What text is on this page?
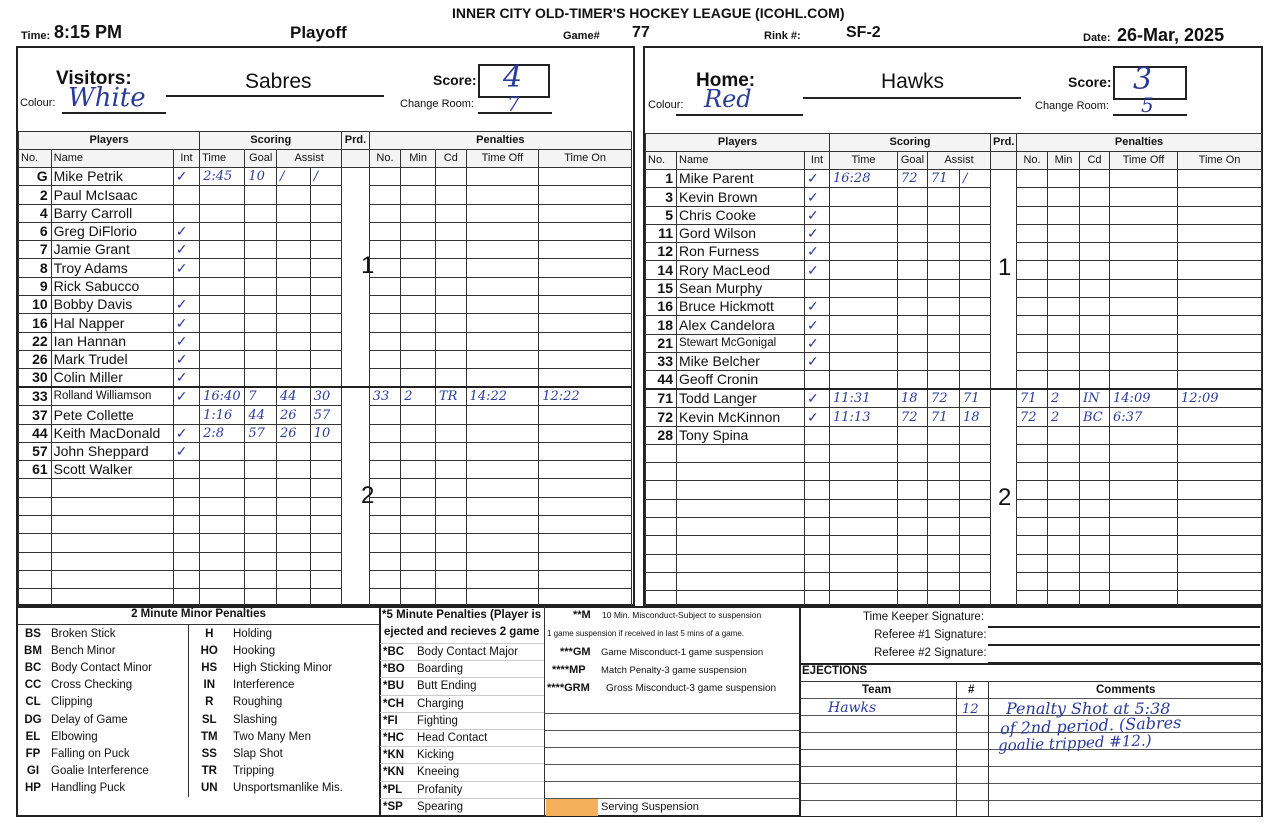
INNER CITY OLD-TIMER'S HOCKEY LEAGUE (ICOHL.COM)
Time: 8:15 PM	Playoff	Game# 77	Rink #:	SF-2	Date: 26-Mar, 2025
Visitors:	Sabres
Colour: White
Score: 4
Change Room: 7
Players			Scoring				Prd.	Penalties				
No.	Name	Int	Time	Goal	Assist			No.	Min	Cd	Time Off	Time On
G	Mike Petrik	✓	2:45	10	/	/						
2	Paul McIsaac											
4	Barry Carroll											
6	Greg DiFlorio	✓										
7	Jamie Grant	✓										
8	Troy Adams	✓										
9	Rick Sabucco											
10	Bobby Davis	✓										
16	Hal Napper	✓										
22	Ian Hannan	✓										
26	Mark Trudel	✓										
30	Colin Miller	✓										
33	Rolland Williamson	✓	16:40	7	44	30		33	2	TR	14:22	12:22
37	Pete Collette		1:16	44	26	57						
44	Keith MacDonald	✓	2:8	57	26	10						
57	John Sheppard	✓										
61	Scott Walker											

1
2
Home:	Hawks
Colour: Red
Score: 3
Change Room: 5
Players			Scoring				Prd.	Penalties				
No.	Name	Int	Time	Goal	Assist			No.	Min	Cd	Time Off	Time On
1	Mike Parent	✓	16:28	72	71	/						
3	Kevin Brown	✓										
5	Chris Cooke	✓										
11	Gord Wilson	✓										
12	Ron Furness	✓										
14	Rory MacLeod	✓										
15	Sean Murphy											
16	Bruce Hickmott	✓										
18	Alex Candelora	✓										
21	Stewart McGonigal	✓										
33	Mike Belcher	✓										
44	Geoff Cronin											
71	Todd Langer	✓	11:31	18	72	71		71	2	IN	14:09	12:09
72	Kevin McKinnon	✓	11:13	72	71	18		72	2	BC	6:37	
28	Tony Spina											

1
2
2 Minute Minor Penalties
BS	Broken Stick	H	Holding
BM	Bench Minor	HO	Hooking
BC	Body Contact Minor	HS	High Sticking Minor
CC	Cross Checking	IN	Interference
CL	Clipping	R	Roughing
DG	Delay of Game	SL	Slashing
EL	Elbowing	TM	Two Many Men
FP	Falling on Puck	SS	Slap Shot
GI	Goalie Interference	TR	Tripping
HP	Handling Puck	UN	Unsportsmanlike Mis.
*5 Minute Penalties (Player is
ejected and recieves 2 game
*BC	Body Contact Major
*BO	Boarding
*BU	Butt Ending
*CH	Charging
*FI	Fighting
*HC	Head Contact
*KN	Kicking
*KN	Kneeing
*PL	Profanity
*SP	Spearing
**M 10 Min. Misconduct-Subject to suspension
1 game suspension if received in last 5 mins of a game.
***GM Game Misconduct-1 game suspension
****MP Match Penalty-3 game suspension
****GRM Gross Misconduct-3 game suspension
Serving Suspension
Time Keeper Signature:
Referee #1 Signature:
Referee #2 Signature:
EJECTIONS
Team	#	Comments
Hawks	12 Penalty Shot at 5:38
of 2nd period. (Sabres
goalie tripped #12.)
